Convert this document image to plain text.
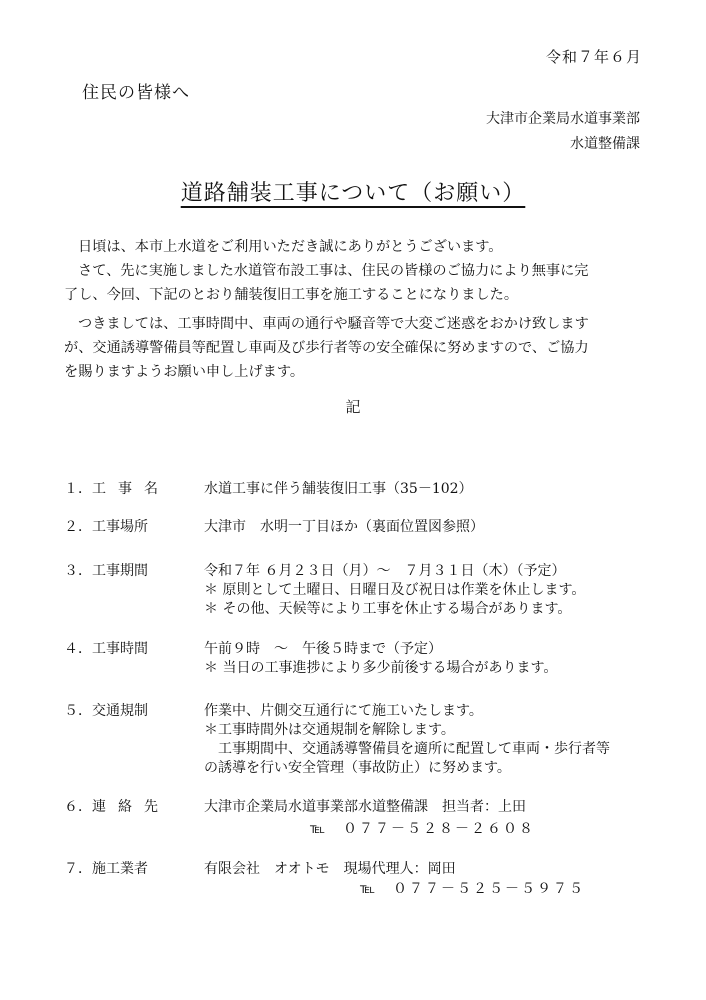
令和７年６月
住民の皆様へ
大津市企業局水道事業部
水道整備課
道路舗装工事について（お願い）
日頃は、本市上水道をご利用いただき誠にありがとうございます。
さて、先に実施しました水道管布設工事は、住民の皆様のご協力により無事に完
了し、今回、下記のとおり舗装復旧工事を施工することになりました。
つきましては、工事時間中、車両の通行や騒音等で大変ご迷惑をおかけ致します
が、交通誘導警備員等配置し車両及び歩行者等の安全確保に努めますので、ご協力
を賜りますようお願い申し上げます。
記
１． 工事名 水道工事に伴う舗装復旧工事（35－102）
２． 工事場所	大津市　水明一丁目ほか（裏面位置図参照）
３． 工事期間	令和７年 ６月２３日（月）～　７月３１日（木）（予定）
＊ 原則として土曜日、日曜日及び祝日は作業を休止します。
＊ その他、天候等により工事を休止する場合があります。
４． 工事時間	午前９時　～　午後５時まで（予定）
＊ 当日の工事進捗により多少前後する場合があります。
５． 交通規制	作業中、片側交互通行にて施工いたします。
＊工事時間外は交通規制を解除します。
工事期間中、交通誘導警備員を適所に配置して車両・歩行者等
の誘導を行い安全管理（事故防止）に努めます。
６． 連絡先 大津市企業局水道事業部水道整備課　担当者：上田
℡　０７７－５２８－２６０８
７． 施工業者	有限会社　オオトモ　現場代理人：岡田
℡　０７７－５２５－５９７５
